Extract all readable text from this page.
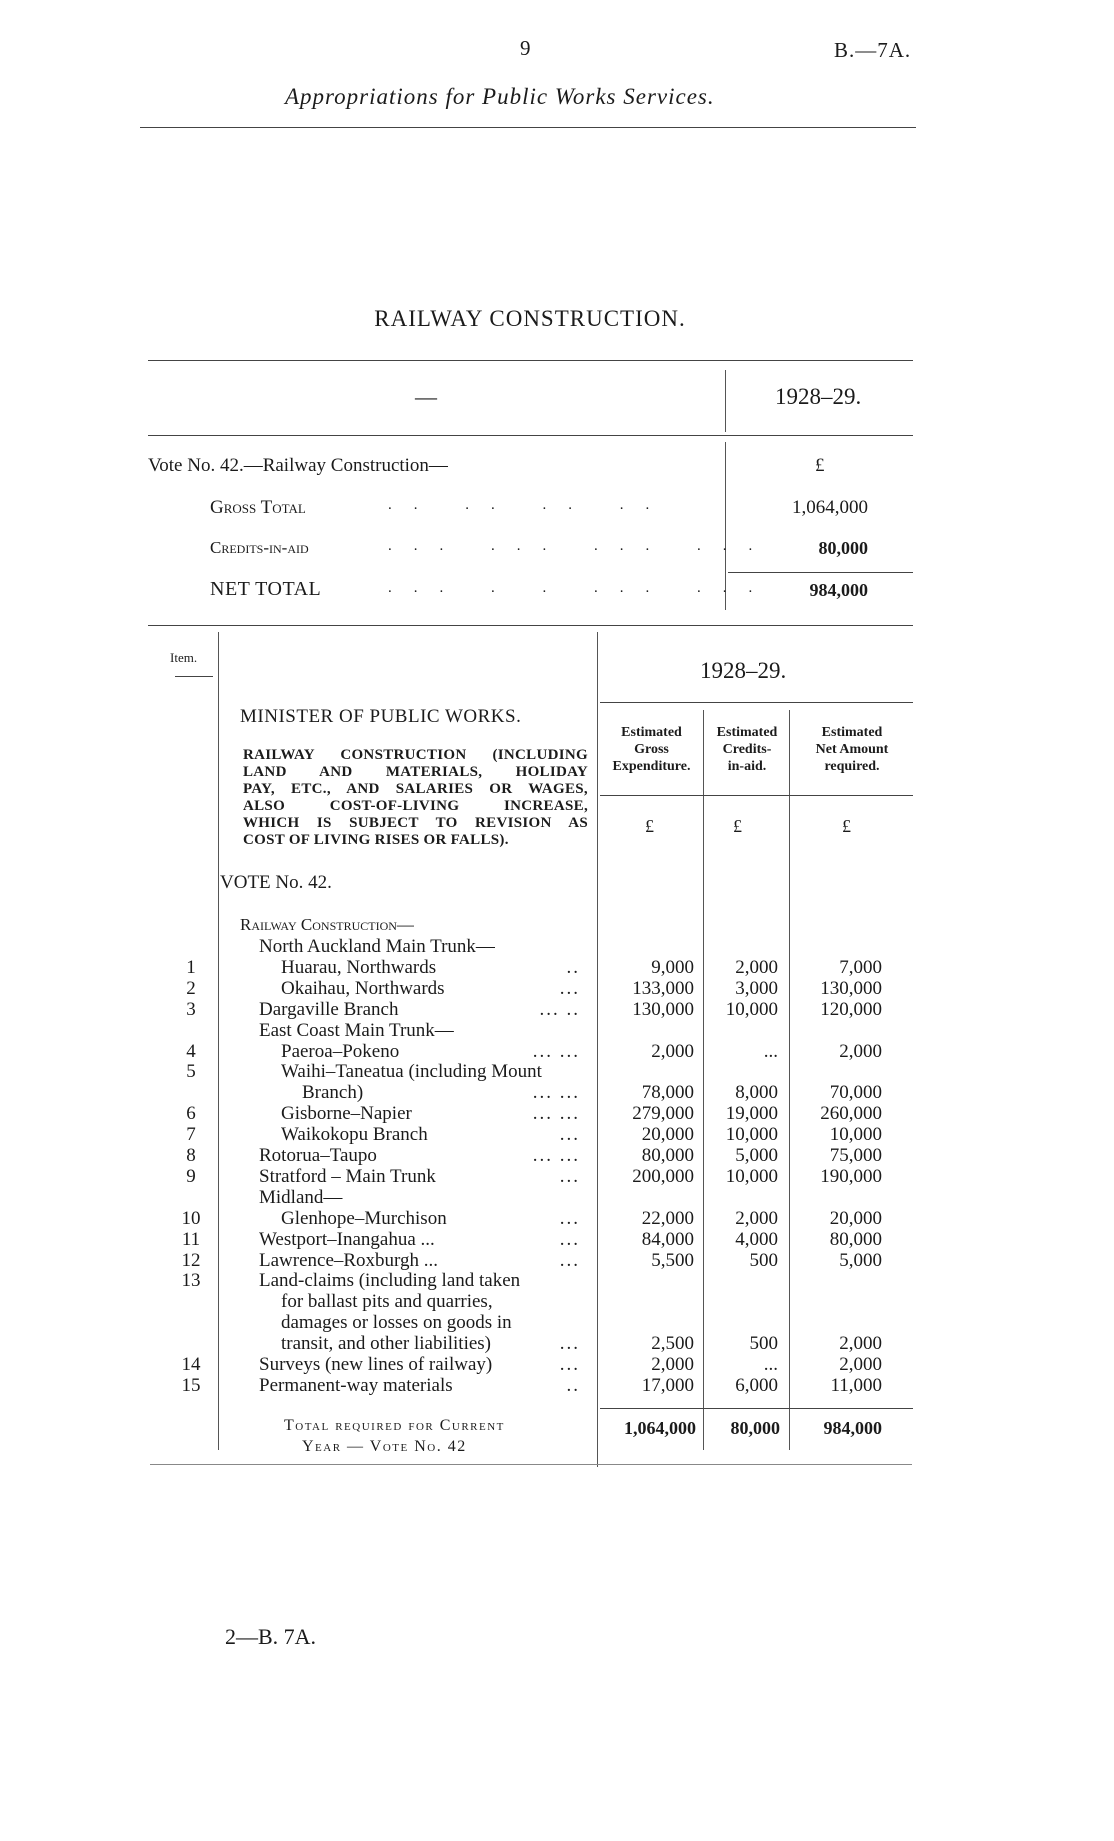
9	B.—7A.
Appropriations for Public Works Services.
RAILWAY CONSTRUCTION.
—	1928–29.
Vote No. 42.—Railway Construction—	£
Gross Total	.. .. .. ..	1,064,000
Credits-in-aid	... ... ... ...	80,000
NET TOTAL	... . . ... ...	984,000
Item.
1928–29.
MINISTER OF PUBLIC WORKS.
RAILWAY CONSTRUCTION (INCLUDING
LAND AND MATERIALS, HOLIDAY
PAY, ETC., AND SALARIES OR WAGES,
ALSO COST-OF-LIVING INCREASE,
WHICH IS SUBJECT TO REVISION AS
COST OF LIVING RISES OR FALLS).
Estimated
Gross
Expenditure.
Estimated
Credits-
in-aid.
Estimated
Net Amount
required.
£	£	£
VOTE No. 42.
Railway Construction—
North Auckland Main Trunk—
1	Huarau, Northwards	..	9,000	2,000	7,000
2	Okaihau, Northwards	...	133,000	3,000	130,000
3	Dargaville Branch	... ..	130,000	10,000	120,000
East Coast Main Trunk—
4	Paeroa–Pokeno	... ...	2,000	...	2,000
5	Waihi–Taneatua (including Mount
Branch)	... ...	78,000	8,000	70,000
6	Gisborne–Napier	... ...	279,000	19,000	260,000
7	Waikokopu Branch	...	20,000	10,000	10,000
8	Rotorua–Taupo	... ...	80,000	5,000	75,000
9	Stratford – Main Trunk	...	200,000	10,000	190,000
Midland—
10	Glenhope–Murchison	...	22,000	2,000	20,000
11	Westport–Inangahua ...	...	84,000	4,000	80,000
12	Lawrence–Roxburgh ...	...	5,500	500	5,000
13	Land-claims (including land taken
for ballast pits and quarries,
damages or losses on goods in
transit, and other liabilities)	...	2,500	500	2,000
14	Surveys (new lines of railway)	...	2,000	...	2,000
15	Permanent-way materials	..	17,000	6,000	11,000
Total required for Current
Year — Vote No. 42
1,064,000	80,000	984,000
2—B. 7A.
